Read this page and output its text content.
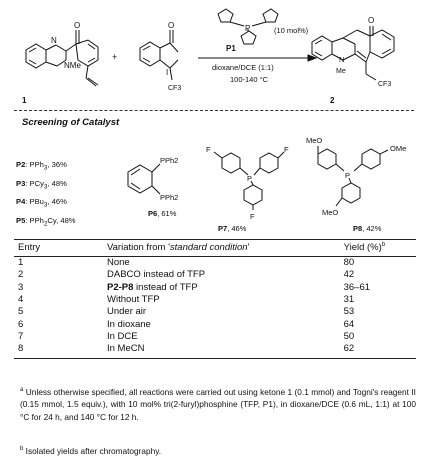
N
NMe
O
1
+
O
I
CF3
P
P1
(10 mol%)
dioxane/DCE (1:1)
100-140 °C
N
Me
O
CF3
2
Screening of Catalyst
PPh2
PPh2
P6, 61%
F	F
F
P
P7, 46%
MeO
OMe
MeO
P
P8, 42%
P2: PPh$_3$, 36%
P3: PCy$_3$, 48%
P4: PBu$_3$, 46%
P5: PPh$_2$Cy, 48%
Entry	Variation from 'standard condition'	Yield (%)$^b$
1	None	80
2	DABCO instead of TFP	42
3	P2-P8 instead of TFP	36–61
4	Without TFP	31
5	Under air	53
6	In dioxane	64
7	In DCE	50
8	In MeCN	62
$^a$ Unless otherwise specified, all reactions were carried out using ketone 1 (0.1 mmol) and Togni's reagent II (0.15 mmol, 1.5 equiv.), with 10 mol% tri(2-furyl)phosphine (TFP, P1), in dioxane/DCE (0.6 mL, 1:1) at 100 °C for 24 h, and 140 °C for 12 h.
$^b$ Isolated yields after chromatography.
